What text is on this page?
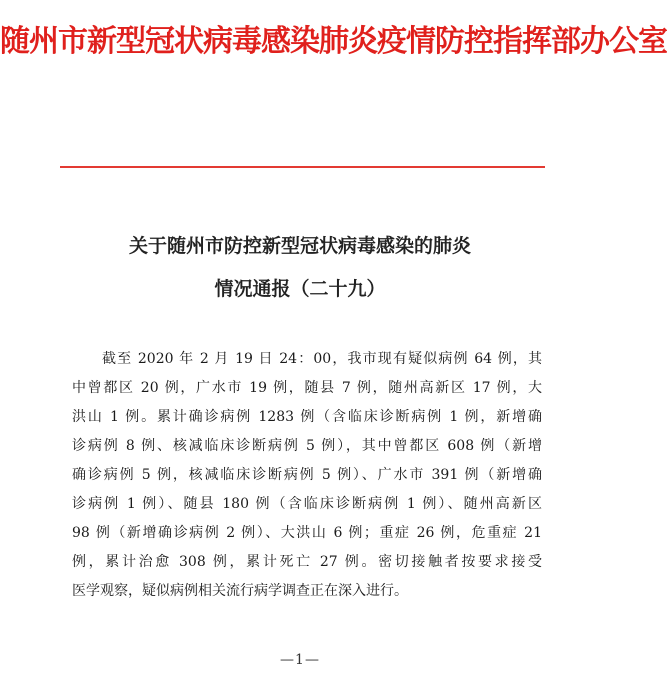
随州市新型冠状病毒感染肺炎疫情防控指挥部办公室
关于随州市防控新型冠状病毒感染的肺炎
情况通报（二十九）
截至 2020 年 2 月 19 日 24：00，我市现有疑似病例 64 例，其
中曾都区 20 例，广水市 19 例，随县 7 例，随州高新区 17 例，大
洪山 1 例。累计确诊病例 1283 例（含临床诊断病例 1 例，新增确
诊病例 8 例、核减临床诊断病例 5 例），其中曾都区 608 例（新增
确诊病例 5 例，核减临床诊断病例 5 例）、广水市 391 例（新增确
诊病例 1 例）、随县 180 例（含临床诊断病例 1 例）、随州高新区
98 例（新增确诊病例 2 例）、大洪山 6 例；重症 26 例，危重症 21
例，累计治愈 308 例，累计死亡 27 例。密切接触者按要求接受
医学观察，疑似病例相关流行病学调查正在深入进行。
—1—
